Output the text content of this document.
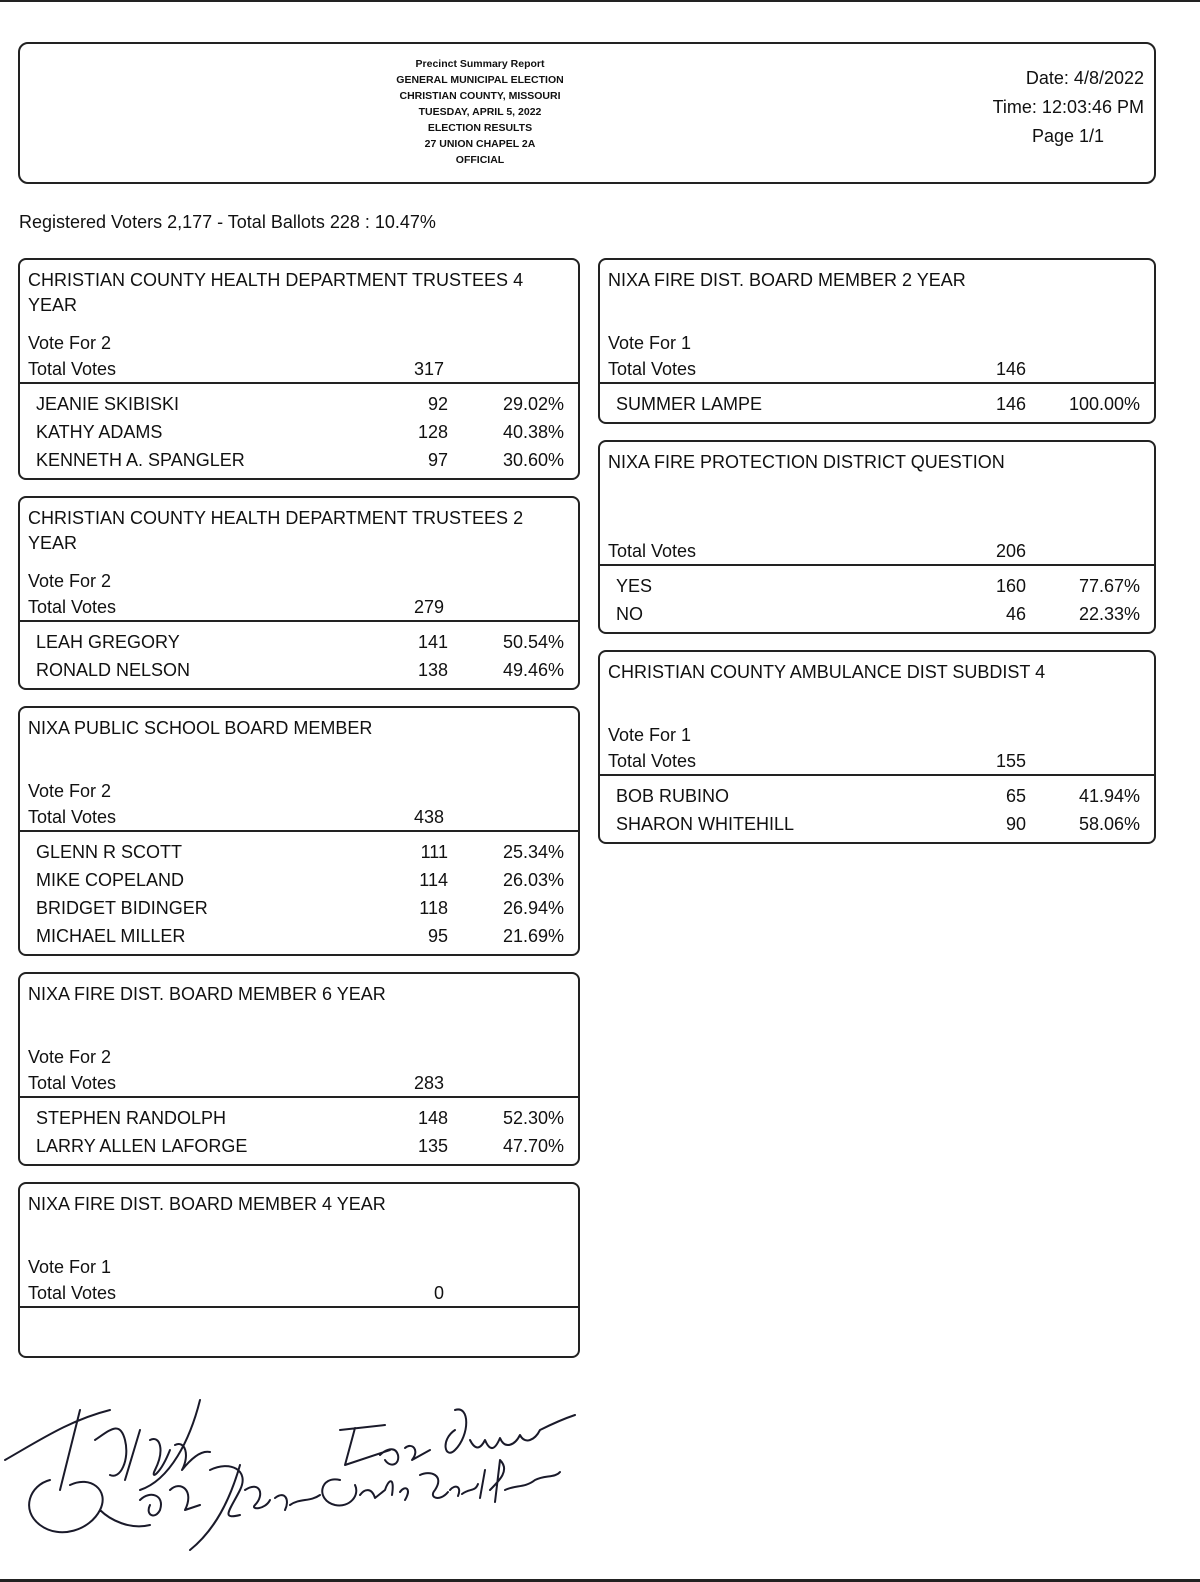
Precinct Summary Report
GENERAL MUNICIPAL ELECTION
CHRISTIAN COUNTY, MISSOURI
TUESDAY, APRIL 5, 2022
ELECTION RESULTS
27 UNION CHAPEL 2A
OFFICIAL
Date: 4/8/2022
Time: 12:03:46 PM
Page 1/1
Registered Voters 2,177 - Total Ballots 228 : 10.47%
CHRISTIAN COUNTY HEALTH DEPARTMENT TRUSTEES 4 YEAR
Vote For 2
Total Votes	317
JEANIE SKIBISKI	92	29.02%
KATHY ADAMS	128	40.38%
KENNETH A. SPANGLER	97	30.60%
CHRISTIAN COUNTY HEALTH DEPARTMENT TRUSTEES 2 YEAR
Vote For 2
Total Votes	279
LEAH GREGORY	141	50.54%
RONALD NELSON	138	49.46%
NIXA PUBLIC SCHOOL BOARD MEMBER
Vote For 2
Total Votes	438
GLENN R SCOTT	111	25.34%
MIKE COPELAND	114	26.03%
BRIDGET BIDINGER	118	26.94%
MICHAEL MILLER	95	21.69%
NIXA FIRE DIST. BOARD MEMBER 6 YEAR
Vote For 2
Total Votes	283
STEPHEN RANDOLPH	148	52.30%
LARRY ALLEN LAFORGE	135	47.70%
NIXA FIRE DIST. BOARD MEMBER 4 YEAR
Vote For 1
Total Votes	0
NIXA FIRE DIST. BOARD MEMBER 2 YEAR
Vote For 1
Total Votes	146
SUMMER LAMPE	146 100.00%
NIXA FIRE PROTECTION DISTRICT QUESTION
Total Votes	206
YES	160	77.67%
NO	46	22.33%
CHRISTIAN COUNTY AMBULANCE DIST SUBDIST 4
Vote For 1
Total Votes	155
BOB RUBINO	65	41.94%
SHARON WHITEHILL	90	58.06%
